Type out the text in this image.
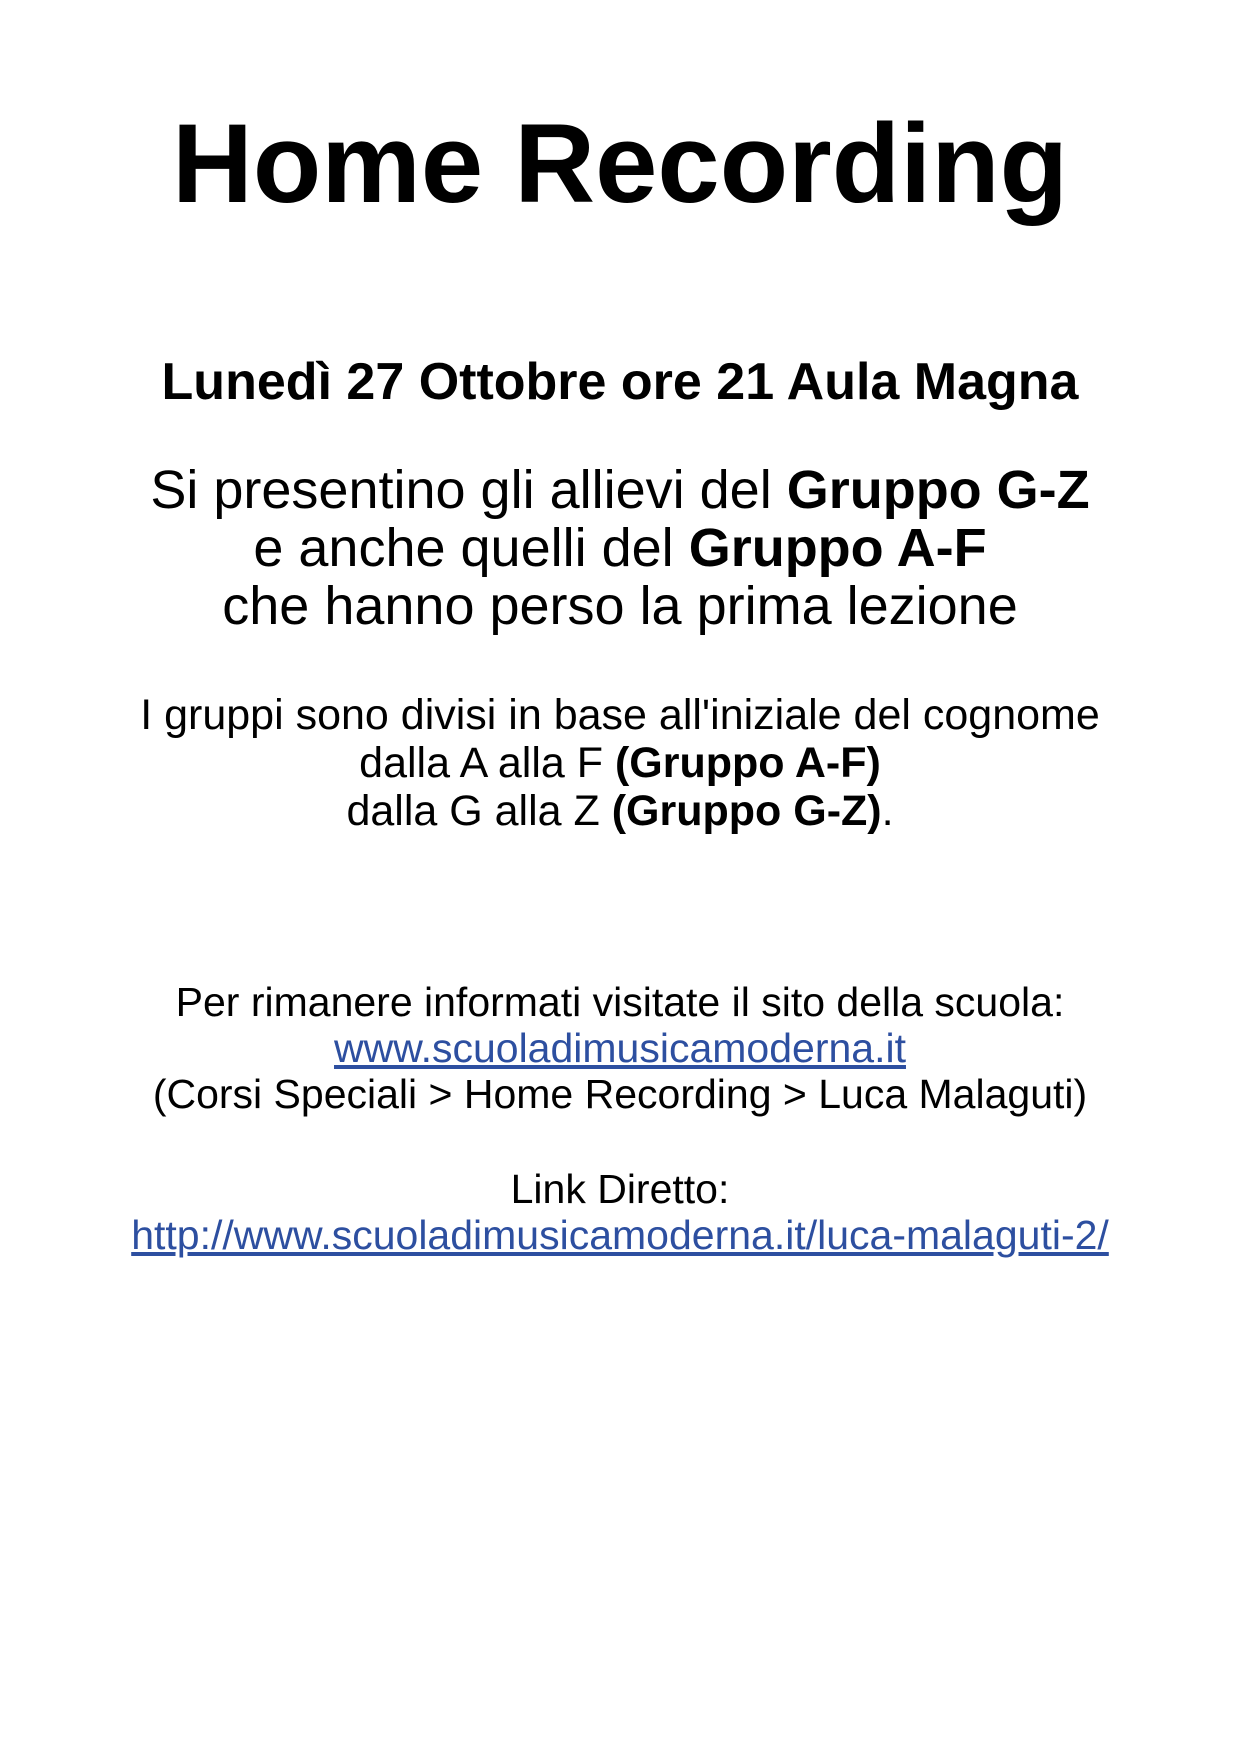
Home Recording
Lunedì 27 Ottobre ore 21 Aula Magna
Si presentino gli allievi del Gruppo G-Z
e anche quelli del Gruppo A-F
che hanno perso la prima lezione
I gruppi sono divisi in base all'iniziale del cognome
dalla A alla F (Gruppo A-F)
dalla G alla Z (Gruppo G-Z).
Per rimanere informati visitate il sito della scuola:
www.scuoladimusicamoderna.it
(Corsi Speciali > Home Recording > Luca Malaguti)
Link Diretto:
http://www.scuoladimusicamoderna.it/luca-malaguti-2/
